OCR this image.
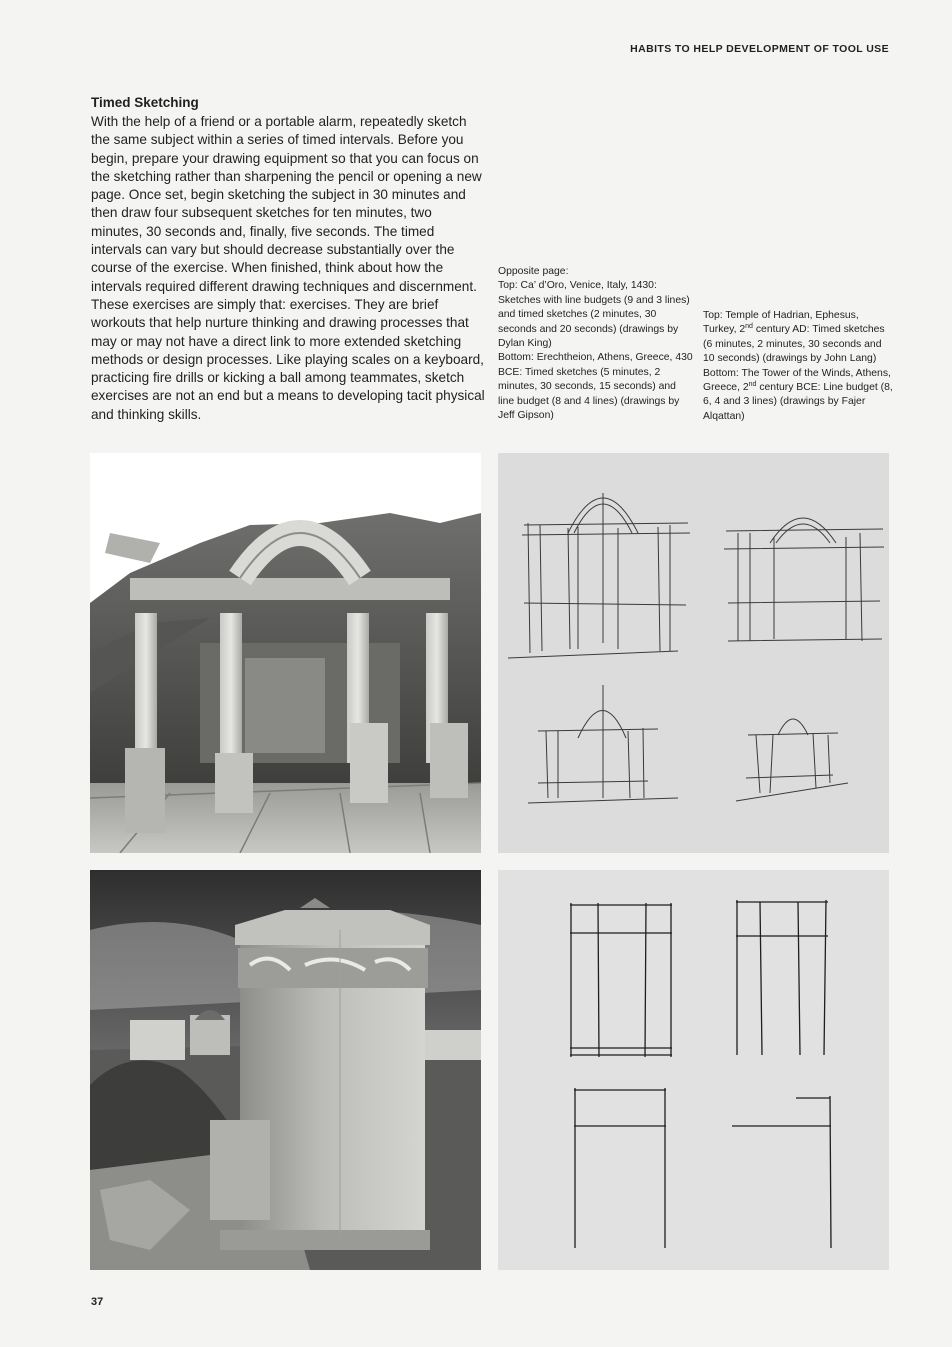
HABITS TO HELP DEVELOPMENT OF TOOL USE
Timed Sketching
With the help of a friend or a portable alarm, repeatedly sketch the same subject within a series of timed intervals. Before you begin, prepare your drawing equipment so that you can focus on the sketching rather than sharpening the pencil or opening a new page. Once set, begin sketching the subject in 30 minutes and then draw four subsequent sketches for ten minutes, two minutes, 30 seconds and, finally, five seconds. The timed intervals can vary but should decrease substantially over the course of the exercise. When finished, think about how the intervals required different drawing techniques and discernment. These exercises are simply that: exercises. They are brief workouts that help nurture thinking and drawing processes that may or may not have a direct link to more extended sketching methods or design processes. Like playing scales on a keyboard, practicing fire drills or kicking a ball among teammates, sketch exercises are not an end but a means to developing tacit physical and thinking skills.
Opposite page:
Top: Ca’ d’Oro, Venice, Italy, 1430: Sketches with line budgets (9 and 3 lines) and timed sketches (2 minutes, 30 seconds and 20 seconds) (drawings by Dylan King)
Bottom: Erechtheion, Athens, Greece, 430 BCE: Timed sketches (5 minutes, 2 minutes, 30 seconds, 15 seconds) and line budget (8 and 4 lines) (drawings by Jeff Gipson)
Top: Temple of Hadrian, Ephesus, Turkey, 2nd century AD: Timed sketches (6 minutes, 2 minutes, 30 seconds and 10 seconds) (drawings by John Lang)
Bottom: The Tower of the Winds, Athens, Greece, 2nd century BCE: Line budget (8, 6, 4 and 3 lines) (drawings by Fajer Alqattan)
37
